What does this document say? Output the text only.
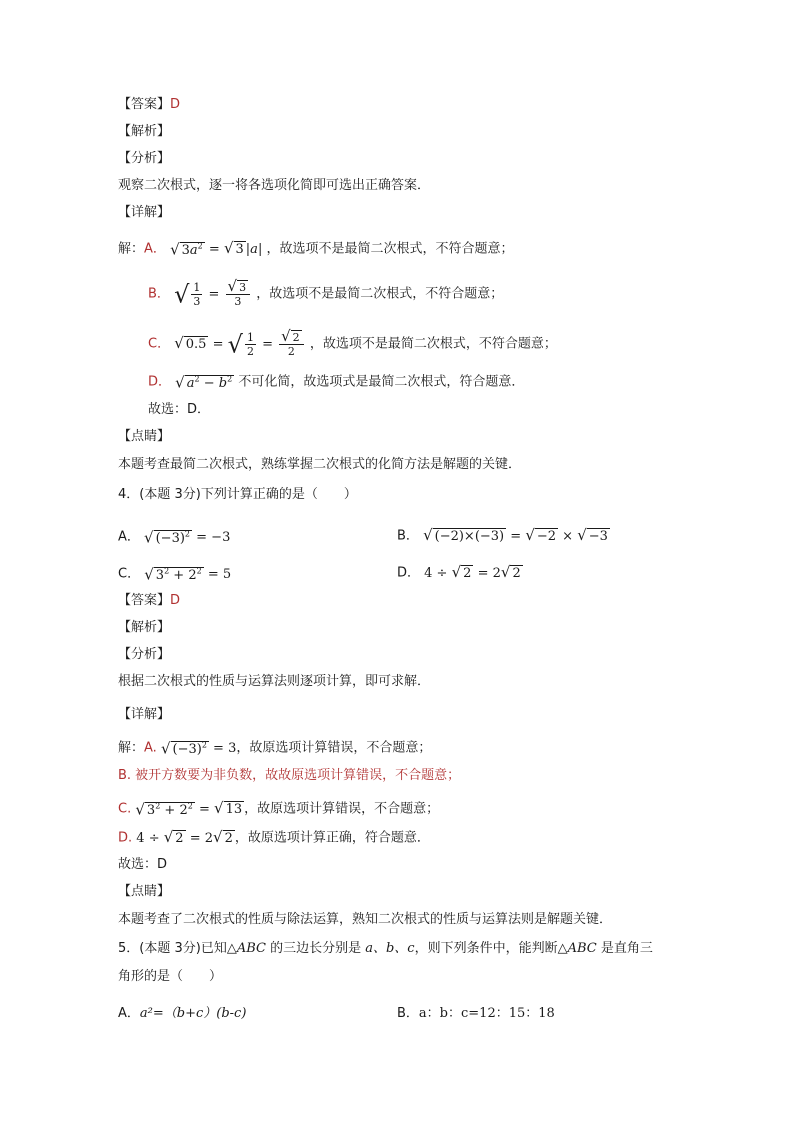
【答案】D
【解析】
【分析】
观察二次根式，逐一将各选项化简即可选出正确答案．
【详解】
解：A． √ $3a^2$ = √ 3 |a| ，故选项不是最简二次根式，不符合题意；
B． √ $\frac{1}{3} = \frac{√ 3}{3}$ ，故选项不是最简二次根式，不符合题意；
C． √ 0.5 = √ $\frac{1}{2} = \frac{√ 2}{2}$ ，故选项不是最简二次根式，不符合题意；
D． √ $a^2 - b^2$ 不可化简，故选项式是最简二次根式，符合题意．
故选：D．
【点睛】
本题考查最简二次根式，熟练掌握二次根式的化简方法是解题的关键．
4．(本题 3分)下列计算正确的是（　　）
A． √ $(-3)^2 = -3$	B． √ (−2)×(−3) = √ −2 × √ −3
C． √ $3^2 + 2^2 = 5$	D． 4 ÷ √ 2 = 2√ 2
【答案】D
【解析】
【分析】
根据二次根式的性质与运算法则逐项计算，即可求解．
【详解】
解：A. √ $(-3)^2 = 3$，故原选项计算错误，不合题意；
B. 被开方数要为非负数，故故原选项计算错误，不合题意；
C. √ $3^2 + 2^2$ = √ 13 ，故原选项计算错误，不合题意；
D. 4 ÷ √ 2 = 2√ 2 ，故原选项计算正确，符合题意．
故选：D
【点睛】
本题考查了二次根式的性质与除法运算，熟知二次根式的性质与运算法则是解题关键．
5．(本题 3分)已知△ABC 的三边长分别是 a、b、c，则下列条件中，能判断△ABC 是直角三
角形的是（　　）
A．a²=（b+c）(b-c)	B．a：b：c=12：15：18
